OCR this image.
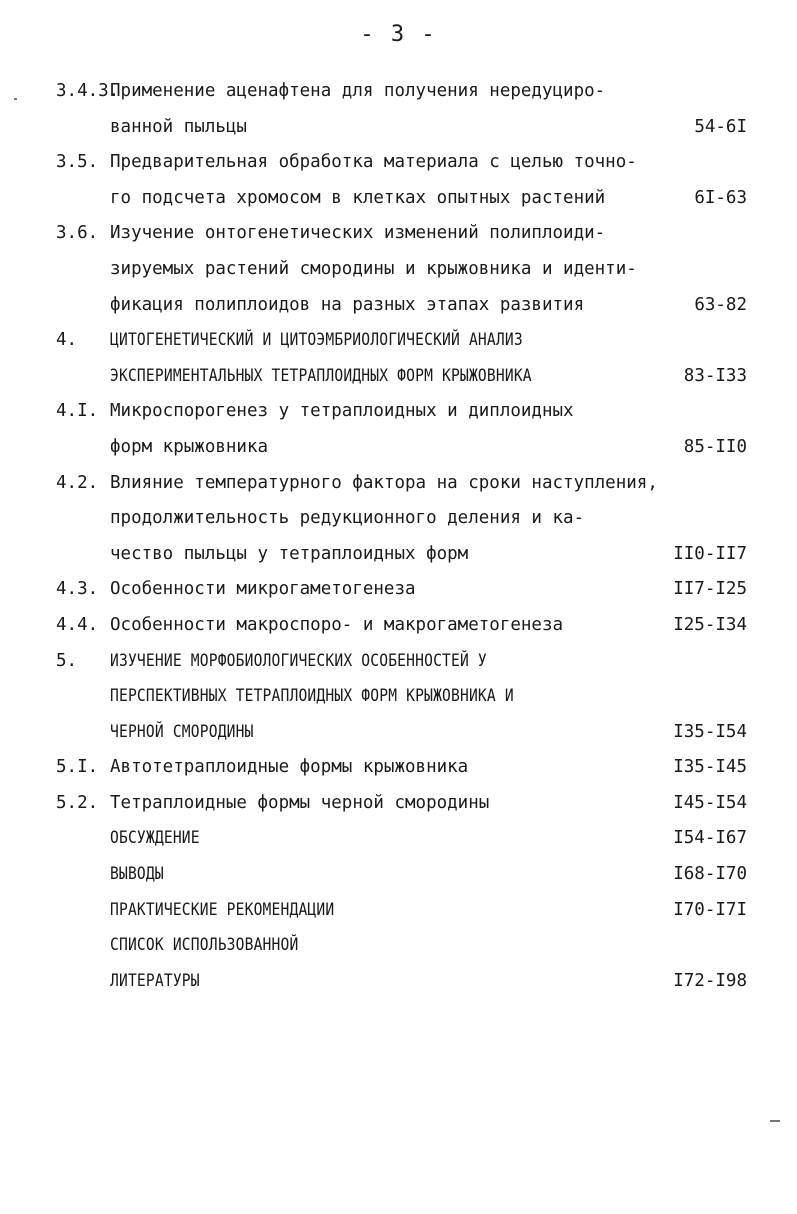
- 3 -
3.4.3.
Применение аценафтена для получения нередуциро-
ванной пыльцы	54-6I
3.5. Предварительная обработка материала с целью точно-
го подсчета хромосом в клетках опытных растений	6I-63
3.6. Изучение онтогенетических изменений полиплоиди-
зируемых растений смородины и крыжовника и иденти-
фикация полиплоидов на разных этапах развития	63-82
4. ЦИТОГЕНЕТИЧЕСКИЙ И ЦИТОЭМБРИОЛОГИЧЕСКИЙ АНАЛИЗ
ЭКСПЕРИМЕНТАЛЬНЫХ ТЕТРАПЛОИДНЫХ ФОРМ КРЫЖОВНИКА	83-I33
4.I. Микроспорогенез у тетраплоидных и диплоидных
форм крыжовника	85-II0
4.2. Влияние температурного фактора на сроки наступления,
продолжительность редукционного деления и ка-
чество пыльцы у тетраплоидных форм	II0-II7
4.3. Особенности микрогаметогенеза	II7-I25
4.4. Особенности макроспоро- и макрогаметогенеза	I25-I34
5. ИЗУЧЕНИЕ МОРФОБИОЛОГИЧЕСКИХ ОСОБЕННОСТЕЙ У
ПЕРСПЕКТИВНЫХ ТЕТРАПЛОИДНЫХ ФОРМ КРЫЖОВНИКА И
ЧЕРНОЙ СМОРОДИНЫ	I35-I54
5.I. Автотетраплоидные формы крыжовника	I35-I45
5.2. Тетраплоидные формы черной смородины	I45-I54
ОБСУЖДЕНИЕ	I54-I67
ВЫВОДЫ	I68-I70
ПРАКТИЧЕСКИЕ РЕКОМЕНДАЦИИ	I70-I7I
СПИСОК ИСПОЛЬЗОВАННОЙ
ЛИТЕРАТУРЫ	I72-I98
